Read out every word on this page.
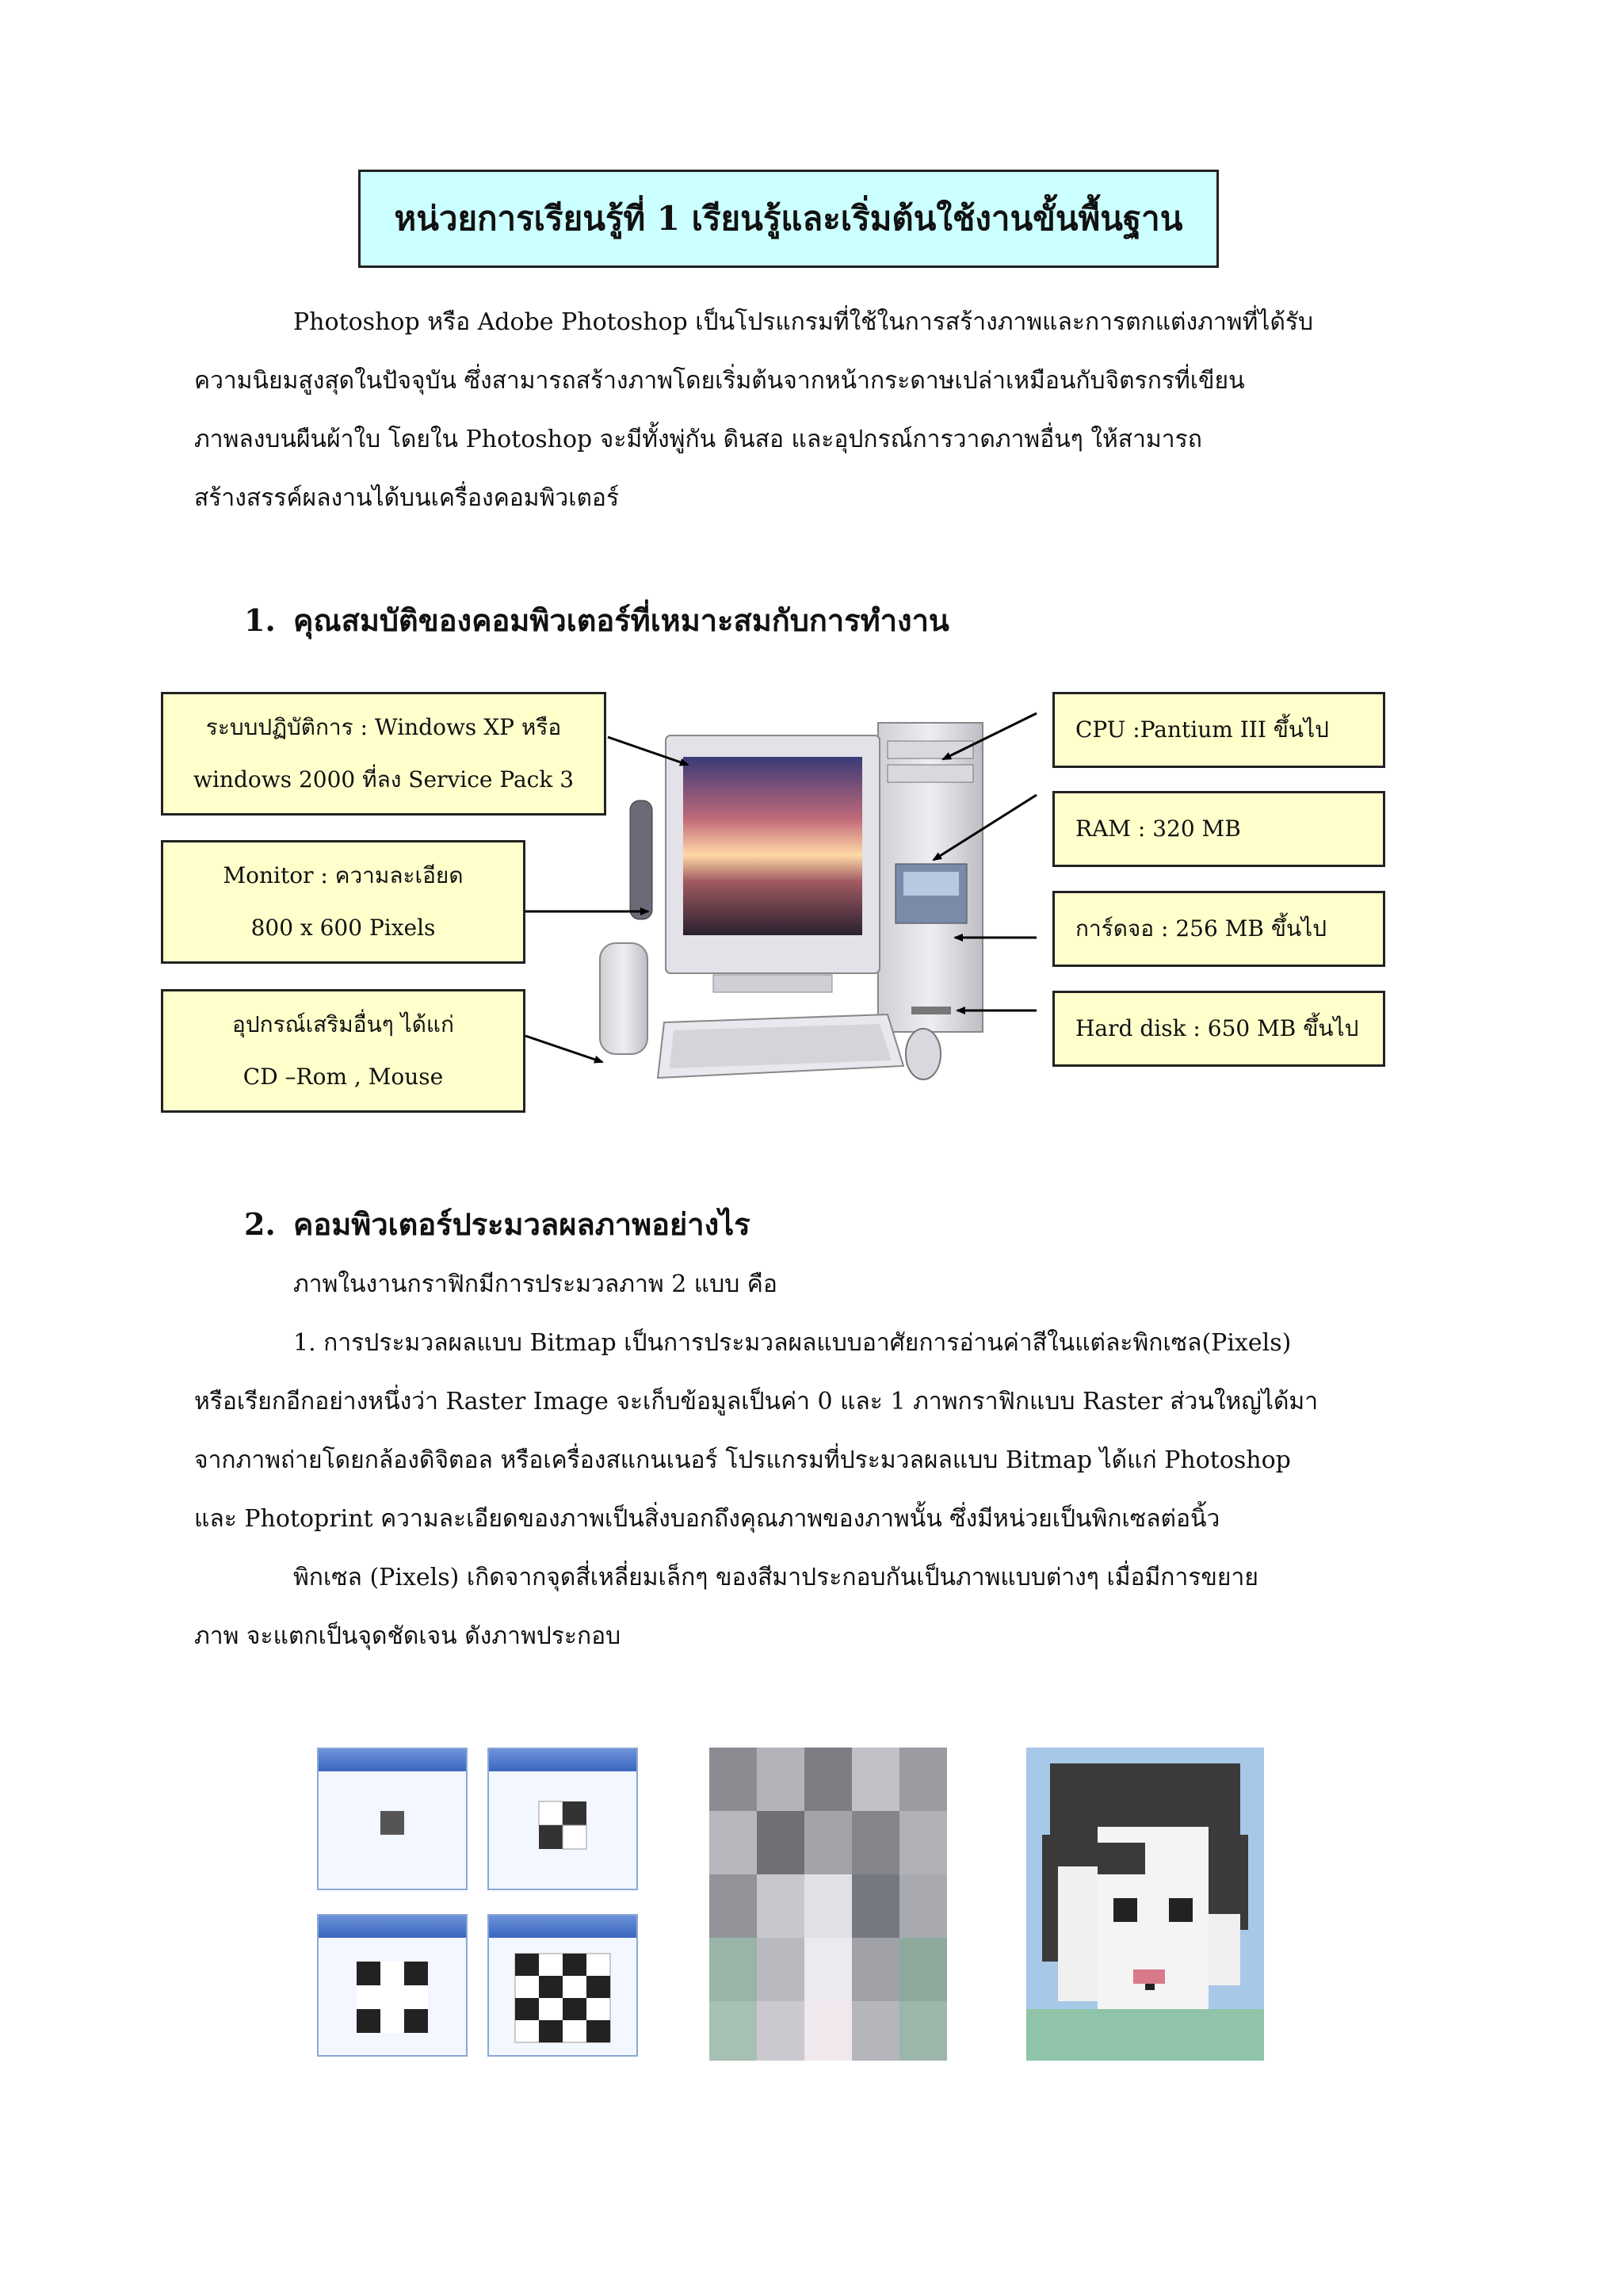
หน่วยการเรียนรู้ที่ 1 เรียนรู้และเริ่มต้นใช้งานขั้นพื้นฐาน
Photoshop หรือ Adobe Photoshop เป็นโปรแกรมที่ใช้ในการสร้างภาพและการตกแต่งภาพที่ได้รับ
ความนิยมสูงสุดในปัจจุบัน ซึ่งสามารถสร้างภาพโดยเริ่มต้นจากหน้ากระดาษเปล่าเหมือนกับจิตรกรที่เขียน
ภาพลงบนผืนผ้าใบ โดยใน Photoshop จะมีทั้งพู่กัน ดินสอ และอุปกรณ์การวาดภาพอื่นๆ ให้สามารถ
สร้างสรรค์ผลงานได้บนเครื่องคอมพิวเตอร์
1. คุณสมบัติของคอมพิวเตอร์ที่เหมาะสมกับการทำงาน
ระบบปฏิบัติการ : Windows XP หรือ
windows 2000 ที่ลง Service Pack 3
Monitor : ความละเอียด
800 x 600 Pixels
อุปกรณ์เสริมอื่นๆ ได้แก่
CD –Rom , Mouse
CPU :Pantium III ขึ้นไป
RAM : 320 MB
การ์ดจอ : 256 MB ขึ้นไป
Hard disk : 650 MB ขึ้นไป
2. คอมพิวเตอร์ประมวลผลภาพอย่างไร
ภาพในงานกราฟิกมีการประมวลภาพ 2 แบบ คือ
1. การประมวลผลแบบ Bitmap เป็นการประมวลผลแบบอาศัยการอ่านค่าสีในแต่ละพิกเซล(Pixels)
หรือเรียกอีกอย่างหนึ่งว่า Raster Image จะเก็บข้อมูลเป็นค่า 0 และ 1 ภาพกราฟิกแบบ Raster ส่วนใหญ่ได้มา
จากภาพถ่ายโดยกล้องดิจิตอล หรือเครื่องสแกนเนอร์ โปรแกรมที่ประมวลผลแบบ Bitmap ได้แก่ Photoshop
และ Photoprint ความละเอียดของภาพเป็นสิ่งบอกถึงคุณภาพของภาพนั้น ซึ่งมีหน่วยเป็นพิกเซลต่อนิ้ว
พิกเซล (Pixels) เกิดจากจุดสี่เหลี่ยมเล็กๆ ของสีมาประกอบกันเป็นภาพแบบต่างๆ เมื่อมีการขยาย
ภาพ จะแตกเป็นจุดชัดเจน ดังภาพประกอบ
